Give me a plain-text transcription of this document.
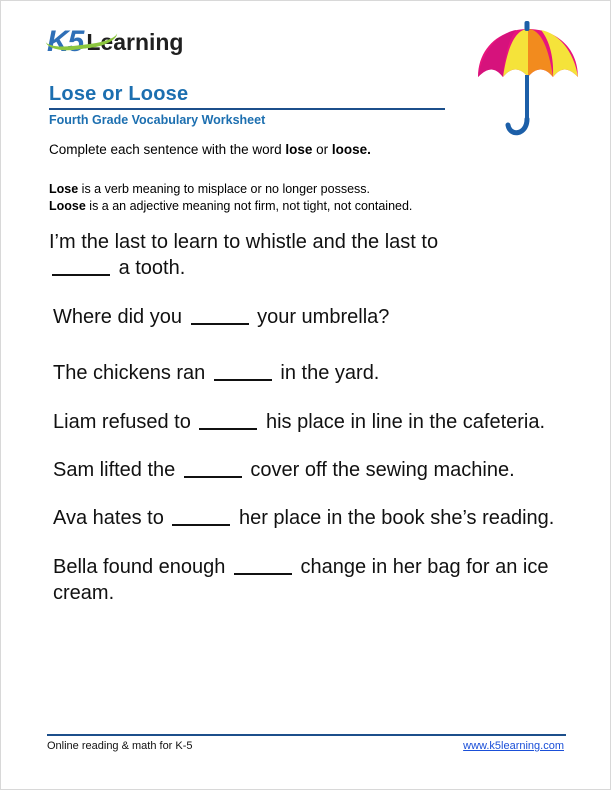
K5 Learning
Lose or Loose
Fourth Grade Vocabulary Worksheet
Complete each sentence with the word lose or loose.
Lose is a verb meaning to misplace or no longer possess.
Loose is a an adjective meaning not firm, not tight, not contained.

I’m the last to learn to whistle and the last to
a tooth.

Where did you	your umbrella?

The chickens ran	in the yard.

Liam refused to	his place in line in the cafeteria.

Sam lifted the	cover off the sewing machine.

Ava hates to	her place in the book she’s reading.

Bella found enough	change in her bag for an ice cream.

Online reading & math for K-5	www.k5learning.com
